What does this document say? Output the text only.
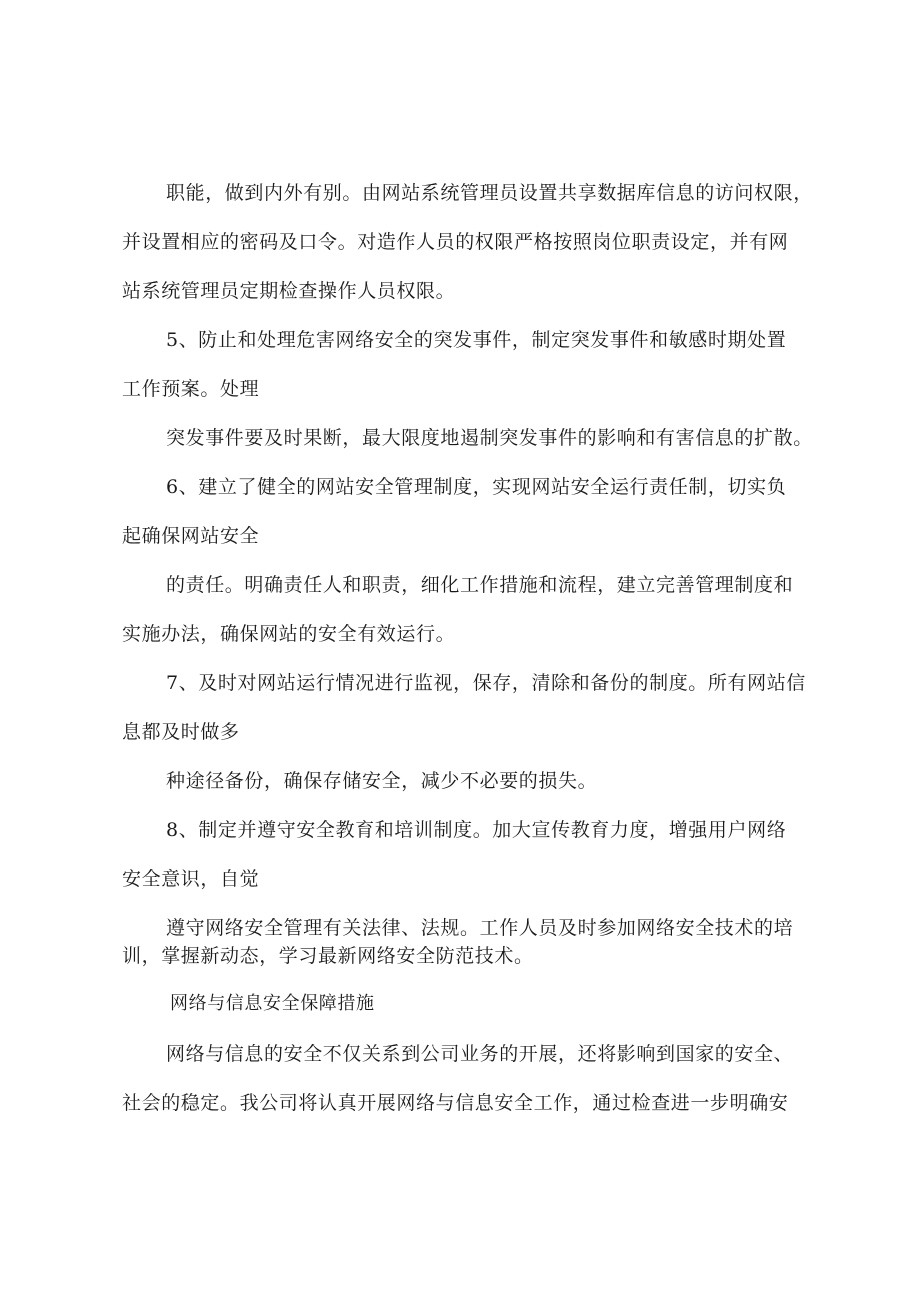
职能，做到内外有别。由网站系统管理员设置共享数据库信息的访问权限，
并设置相应的密码及口令。对造作人员的权限严格按照岗位职责设定，并有网
站系统管理员定期检查操作人员权限。
5、防止和处理危害网络安全的突发事件，制定突发事件和敏感时期处置
工作预案。处理
突发事件要及时果断，最大限度地遏制突发事件的影响和有害信息的扩散。
6、建立了健全的网站安全管理制度，实现网站安全运行责任制，切实负
起确保网站安全
的责任。明确责任人和职责，细化工作措施和流程，建立完善管理制度和
实施办法，确保网站的安全有效运行。
7、及时对网站运行情况进行监视，保存，清除和备份的制度。所有网站信
息都及时做多
种途径备份，确保存储安全，减少不必要的损失。
8、制定并遵守安全教育和培训制度。加大宣传教育力度，增强用户网络
安全意识，自觉
遵守网络安全管理有关法律、法规。工作人员及时参加网络安全技术的培
训，掌握新动态，学习最新网络安全防范技术。
网络与信息安全保障措施
网络与信息的安全不仅关系到公司业务的开展，还将影响到国家的安全、
社会的稳定。我公司将认真开展网络与信息安全工作，通过检查进一步明确安
